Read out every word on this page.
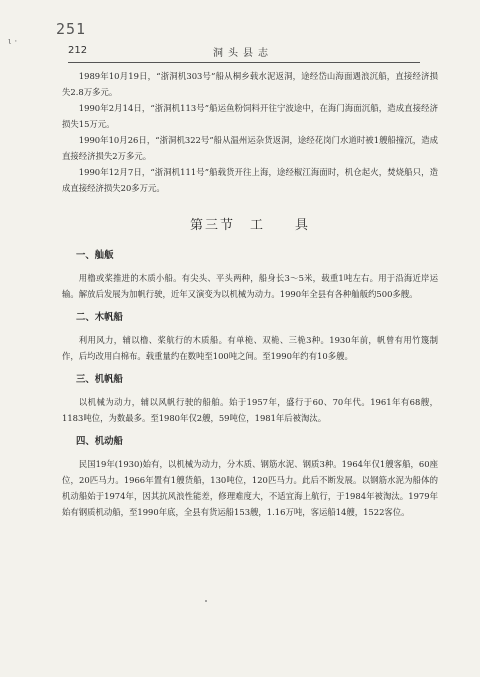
251
ι ·
212	洞头县志

1989年10月19日，“浙洞机303号”船从桐乡载水泥返洞，途经岱山海面遇浪沉船，直接经济损失2.8万多元。

1990年2月14日，“浙洞机113号”船运鱼粉饲料开往宁波途中，在海门海面沉船，造成直接经济损失15万元。

1990年10月26日，“浙洞机322号”船从温州运杂货返洞，途经花岗门水道时被1艘船撞沉，造成直接经济损失2万多元。

1990年12月7日，“浙洞机111号”船载货开往上海，途经椒江海面时，机仓起火，焚烧船只，造成直接经济损失20多万元。

第三节　工　　具
一、舢舨

用橹或桨推进的木质小船。有尖头、平头两种，船身长3～5米，载重1吨左右。用于沿海近岸运输。解放后发展为加帆行驶，近年又演变为以机械为动力。1990年全县有各种舢舨约500多艘。

二、木帆船

利用风力，辅以橹、桨航行的木质船。有单桅、双桅、三桅3种。1930年前，帆曾有用竹篾制作，后均改用白棉布。载重量约在数吨至100吨之间。至1990年约有10多艘。

三、机帆船

以机械为动力，辅以风帆行驶的船舶。始于1957年，盛行于60、70年代。1961年有68艘，1183吨位，为数最多。至1980年仅2艘，59吨位，1981年后被淘汰。

四、机动船

民国19年(1930)始有，以机械为动力，分木质、钢筋水泥、钢质3种。1964年仅1艘客船，60座位，20匹马力。1966年置有1艘货船，130吨位，120匹马力。此后不断发展。以钢筋水泥为船体的机动船始于1974年，因其抗风浪性能差，修理难度大，不适宜海上航行，于1984年被淘汰。1979年始有钢质机动船，至1990年底，全县有货运船153艘，1.16万吨，客运船14艘，1522客位。
